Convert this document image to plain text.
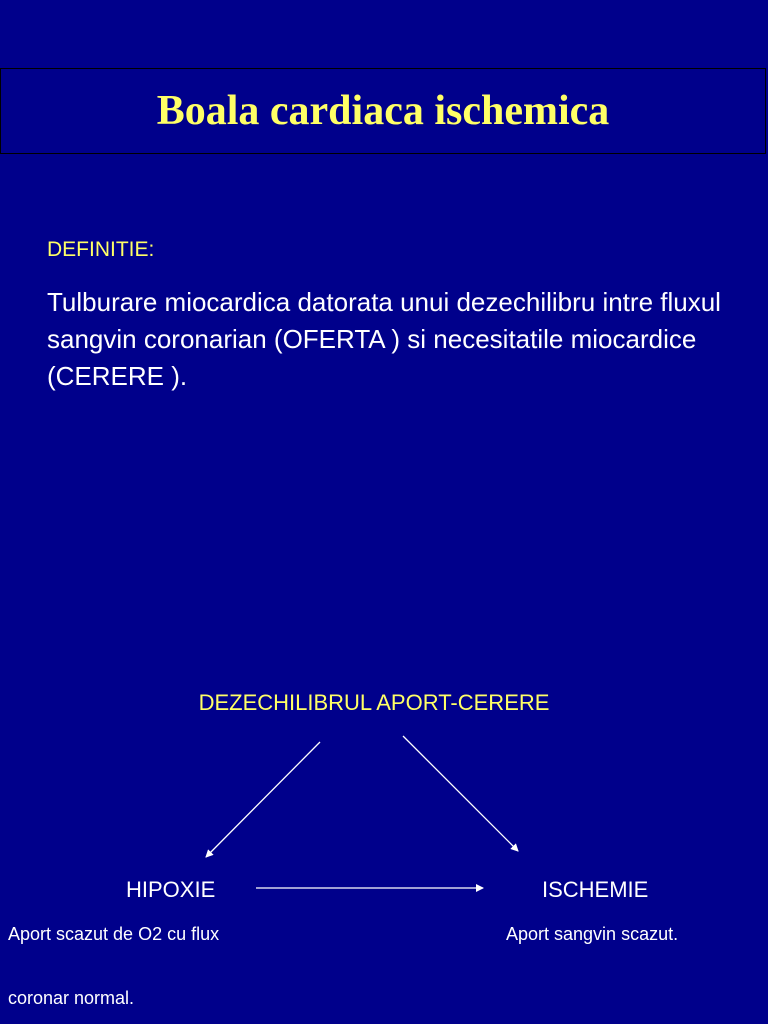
Boala cardiaca ischemica
DEFINITIE:
Tulburare miocardica datorata unui dezechilibru intre fluxul sangvin coronarian (OFERTA ) si necesitatile miocardice (CERERE ).
DEZECHILIBRUL APORT-CERERE
HIPOXIE	ISCHEMIE
Aport scazut de O2 cu flux
coronar normal.
Aport sangvin scazut.
